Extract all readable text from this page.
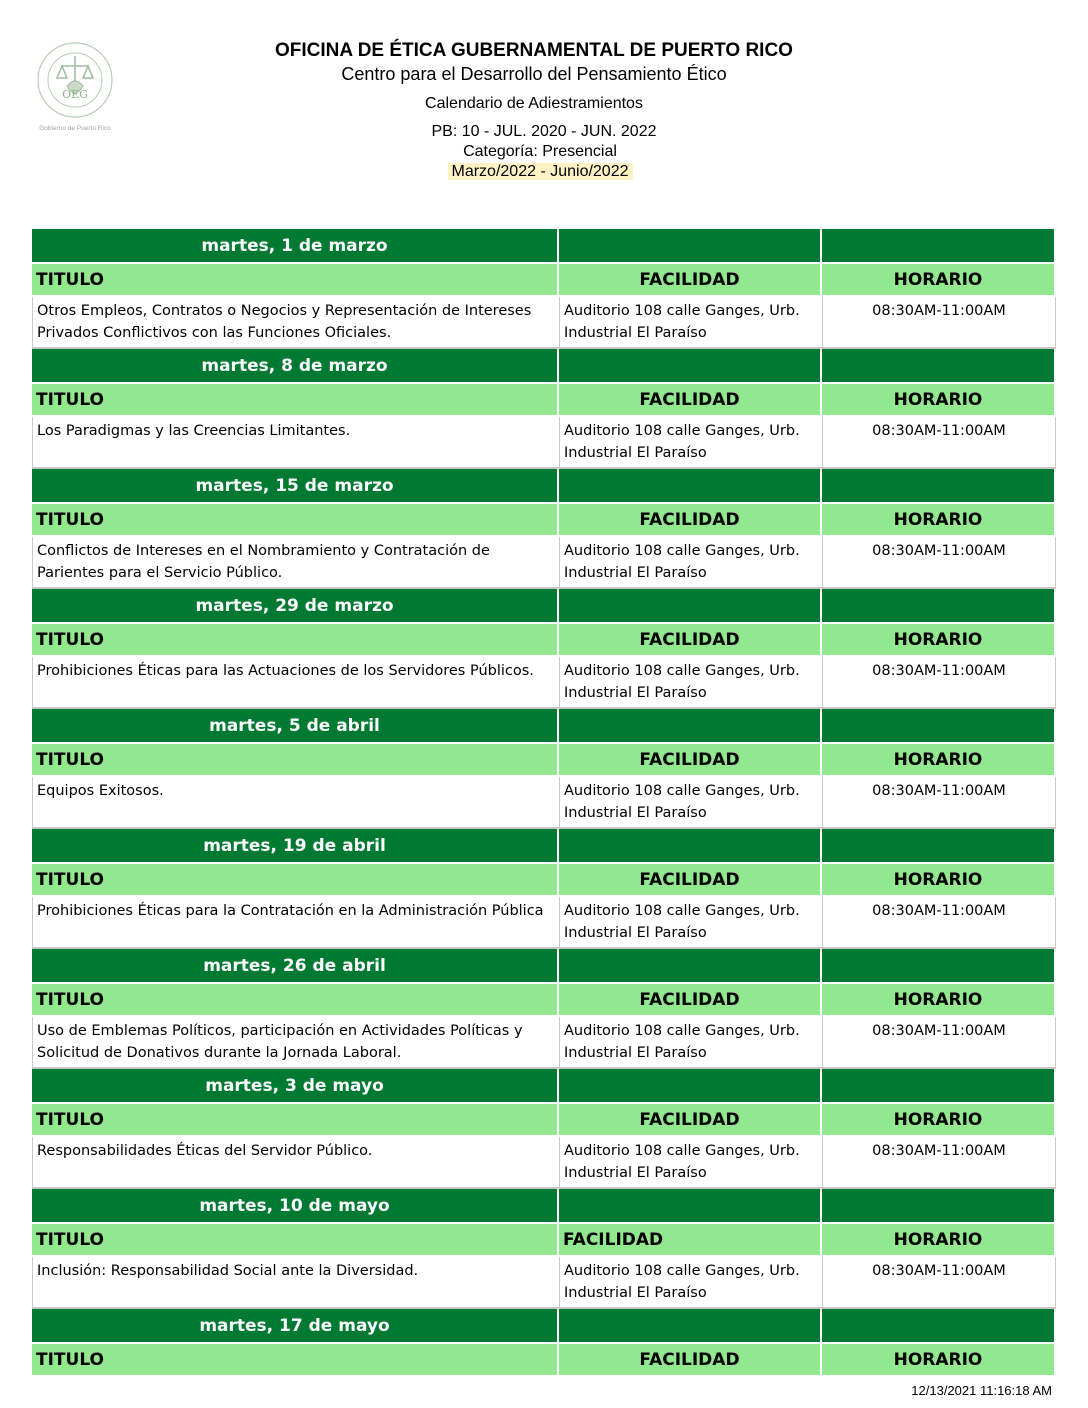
OEG
Gobierno de Puerto Rico
OFICINA DE ÉTICA GUBERNAMENTAL DE PUERTO RICO
Centro para el Desarrollo del Pensamiento Ético
Calendario de Adiestramientos
PB: 10 - JUL. 2020 - JUN. 2022
Categoría: Presencial
Marzo/2022 - Junio/2022
martes, 1 de marzo		
TITULO	FACILIDAD	HORARIO
Otros Empleos, Contratos o Negocios y Representación de Intereses Privados Conflictivos con las Funciones Oficiales.	Auditorio 108 calle Ganges, Urb. Industrial El Paraíso	08:30AM-11:00AM
martes, 8 de marzo		
TITULO	FACILIDAD	HORARIO
Los Paradigmas y las Creencias Limitantes.	Auditorio 108 calle Ganges, Urb. Industrial El Paraíso	08:30AM-11:00AM
martes, 15 de marzo		
TITULO	FACILIDAD	HORARIO
Conflictos de Intereses en el Nombramiento y Contratación de Parientes para el Servicio Público.	Auditorio 108 calle Ganges, Urb. Industrial El Paraíso	08:30AM-11:00AM
martes, 29 de marzo		
TITULO	FACILIDAD	HORARIO
Prohibiciones Éticas para las Actuaciones de los Servidores Públicos.	Auditorio 108 calle Ganges, Urb. Industrial El Paraíso	08:30AM-11:00AM
martes, 5 de abril		
TITULO	FACILIDAD	HORARIO
Equipos Exitosos.	Auditorio 108 calle Ganges, Urb. Industrial El Paraíso	08:30AM-11:00AM
martes, 19 de abril		
TITULO	FACILIDAD	HORARIO
Prohibiciones Éticas para la Contratación en la Administración Pública	Auditorio 108 calle Ganges, Urb. Industrial El Paraíso	08:30AM-11:00AM
martes, 26 de abril		
TITULO	FACILIDAD	HORARIO
Uso de Emblemas Políticos, participación en Actividades Políticas y Solicitud de Donativos durante la Jornada Laboral.	Auditorio 108 calle Ganges, Urb. Industrial El Paraíso	08:30AM-11:00AM
martes, 3 de mayo		
TITULO	FACILIDAD	HORARIO
Responsabilidades Éticas del Servidor Público.	Auditorio 108 calle Ganges, Urb. Industrial El Paraíso	08:30AM-11:00AM
martes, 10 de mayo		
TITULO	FACILIDAD	HORARIO
Inclusión: Responsabilidad Social ante la Diversidad.	Auditorio 108 calle Ganges, Urb. Industrial El Paraíso	08:30AM-11:00AM
martes, 17 de mayo		
TITULO	FACILIDAD	HORARIO
12/13/2021 11:16:18 AM
